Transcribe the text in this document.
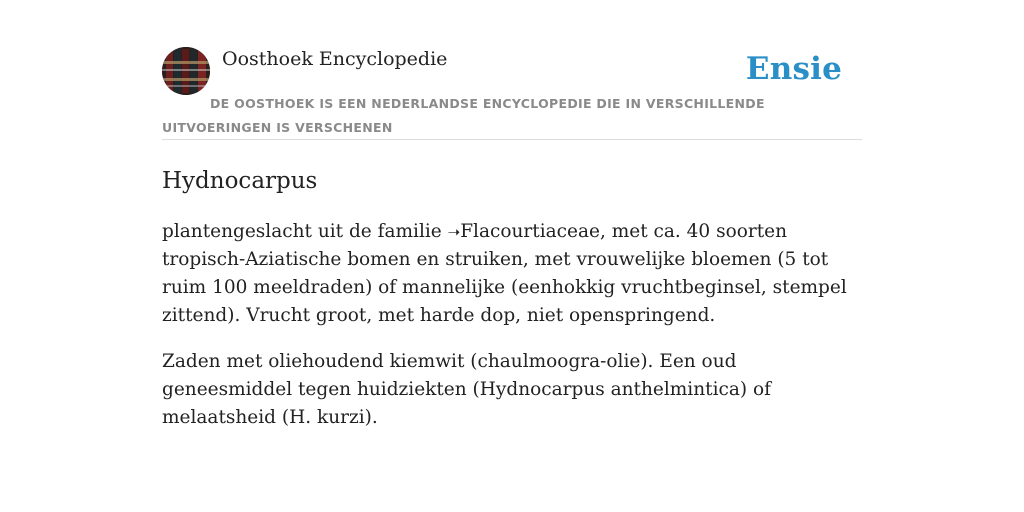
Oosthoek Encyclopedie	Ensie
DE OOSTHOEK IS EEN NEDERLANDSE ENCYCLOPEDIE DIE IN VERSCHILLENDE UITVOERINGEN IS VERSCHENEN
Hydnocarpus

plantengeslacht uit de familie ➝Flacourtiaceae, met ca. 40 soorten tropisch-Aziatische bomen en struiken, met vrouwelijke bloemen (5 tot ruim 100 meeldraden) of mannelijke (eenhokkig vruchtbeginsel, stempel zittend). Vrucht groot, met harde dop, niet openspringend.

Zaden met oliehoudend kiemwit (chaulmoogra-olie). Een oud geneesmiddel tegen huidziekten (Hydnocarpus anthelmintica) of melaatsheid (H. kurzi).
